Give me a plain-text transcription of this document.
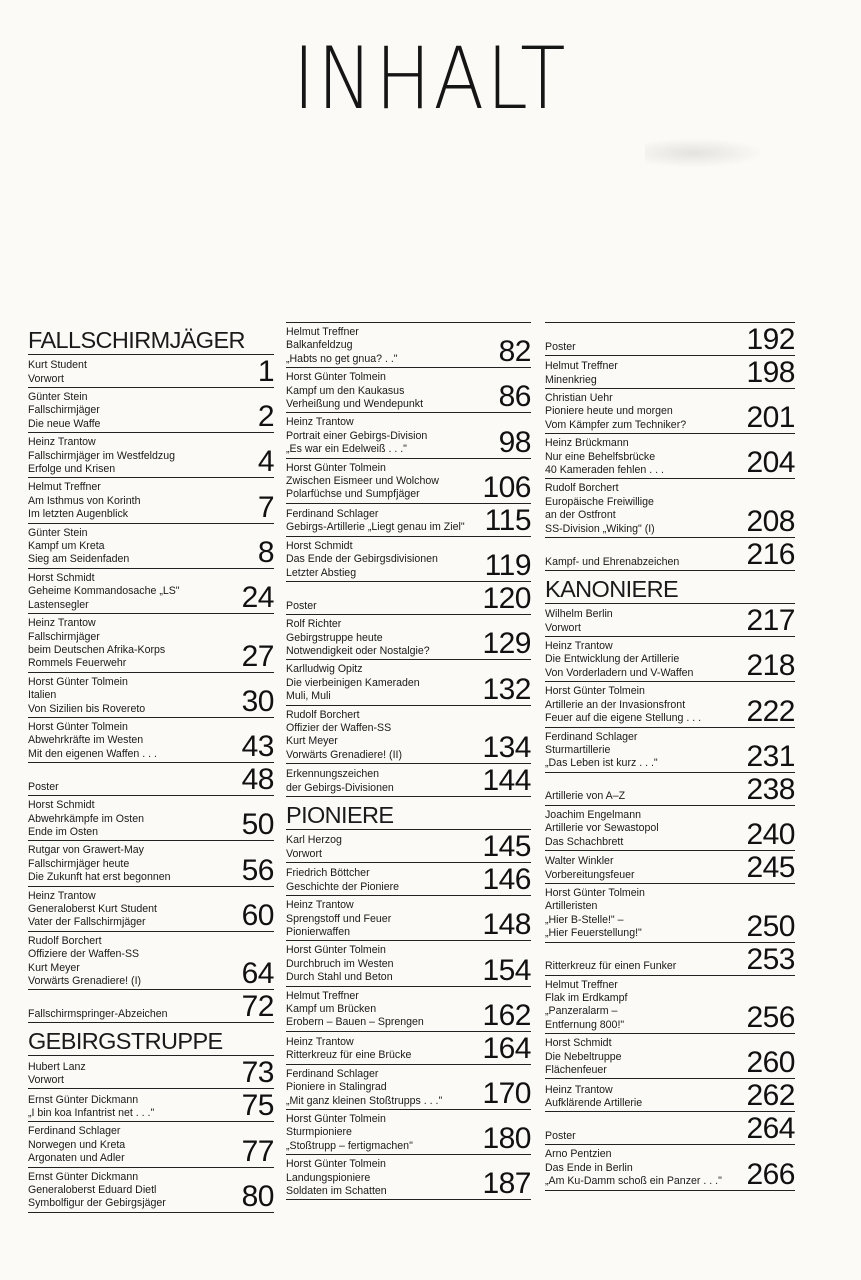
INHALT
FALLSCHIRMJÄGER
Kurt Student
Vorwort	1
Günter Stein
Fallschirmjäger
Die neue Waffe	2
Heinz Trantow
Fallschirmjäger im Westfeldzug
Erfolge und Krisen	4
Helmut Treffner
Am Isthmus von Korinth
Im letzten Augenblick	7
Günter Stein
Kampf um Kreta
Sieg am Seidenfaden	8
Horst Schmidt
Geheime Kommandosache „LS"
Lastensegler	24
Heinz Trantow
Fallschirmjäger
beim Deutschen Afrika-Korps
Rommels Feuerwehr	27
Horst Günter Tolmein
Italien
Von Sizilien bis Rovereto	30
Horst Günter Tolmein
Abwehrkräfte im Westen
Mit den eigenen Waffen . . .	43

Poster	48
Horst Schmidt
Abwehrkämpfe im Osten
Ende im Osten	50
Rutgar von Grawert-May
Fallschirmjäger heute
Die Zukunft hat erst begonnen	56
Heinz Trantow
Generaloberst Kurt Student
Vater der Fallschirmjäger	60
Rudolf Borchert
Offiziere der Waffen-SS
Kurt Meyer
Vorwärts Grenadiere! (I)	64

Fallschirmspringer-Abzeichen	72
GEBIRGSTRUPPE
Hubert Lanz
Vorwort	73
Ernst Günter Dickmann
„I bin koa Infantrist net . . ."	75
Ferdinand Schlager
Norwegen und Kreta
Argonaten und Adler	77
Ernst Günter Dickmann
Generaloberst Eduard Dietl
Symbolfigur der Gebirgsjäger	80
Helmut Treffner
Balkanfeldzug
„Habts no get gnua? . ."	82
Horst Günter Tolmein
Kampf um den Kaukasus
Verheißung und Wendepunkt	86
Heinz Trantow
Portrait einer Gebirgs-Division
„Es war ein Edelweiß . . ."	98
Horst Günter Tolmein
Zwischen Eismeer und Wolchow
Polarfüchse und Sumpfjäger	106
Ferdinand Schlager
Gebirgs-Artillerie „Liegt genau im Ziel" 115
Horst Schmidt
Das Ende der Gebirgsdivisionen
Letzter Abstieg	119

Poster	120
Rolf Richter
Gebirgstruppe heute
Notwendigkeit oder Nostalgie?	129
Karlludwig Opitz
Die vierbeinigen Kameraden
Muli, Muli	132
Rudolf Borchert
Offizier der Waffen-SS
Kurt Meyer
Vorwärts Grenadiere! (II)	134
Erkennungszeichen
der Gebirgs-Divisionen	144
PIONIERE
Karl Herzog
Vorwort	145
Friedrich Böttcher
Geschichte der Pioniere	146
Heinz Trantow
Sprengstoff und Feuer
Pionierwaffen	148
Horst Günter Tolmein
Durchbruch im Westen
Durch Stahl und Beton	154
Helmut Treffner
Kampf um Brücken
Erobern – Bauen – Sprengen	162
Heinz Trantow
Ritterkreuz für eine Brücke	164
Ferdinand Schlager
Pioniere in Stalingrad
„Mit ganz kleinen Stoßtrupps . . ."	170
Horst Günter Tolmein
Sturmpioniere
„Stoßtrupp – fertigmachen"	180
Horst Günter Tolmein
Landungspioniere
Soldaten im Schatten	187

Poster	192
Helmut Treffner
Minenkrieg	198
Christian Uehr
Pioniere heute und morgen
Vom Kämpfer zum Techniker?	201
Heinz Brückmann
Nur eine Behelfsbrücke
40 Kameraden fehlen . . .	204
Rudolf Borchert
Europäische Freiwillige
an der Ostfront
SS-Division „Wiking" (I)	208

Kampf- und Ehrenabzeichen	216
KANONIERE
Wilhelm Berlin
Vorwort	217
Heinz Trantow
Die Entwicklung der Artillerie
Von Vorderladern und V-Waffen	218
Horst Günter Tolmein
Artillerie an der Invasionsfront
Feuer auf die eigene Stellung . . .	222
Ferdinand Schlager
Sturmartillerie
„Das Leben ist kurz . . ."	231

Artillerie von A–Z	238
Joachim Engelmann
Artillerie vor Sewastopol
Das Schachbrett	240
Walter Winkler
Vorbereitungsfeuer	245
Horst Günter Tolmein
Artilleristen
„Hier B-Stelle!" –
„Hier Feuerstellung!"	250

Ritterkreuz für einen Funker	253
Helmut Treffner
Flak im Erdkampf
„Panzeralarm –
Entfernung 800!"	256
Horst Schmidt
Die Nebeltruppe
Flächenfeuer	260
Heinz Trantow
Aufklärende Artillerie	262

Poster	264
Arno Pentzien
Das Ende in Berlin
„Am Ku-Damm schoß ein Panzer . . ." 266
